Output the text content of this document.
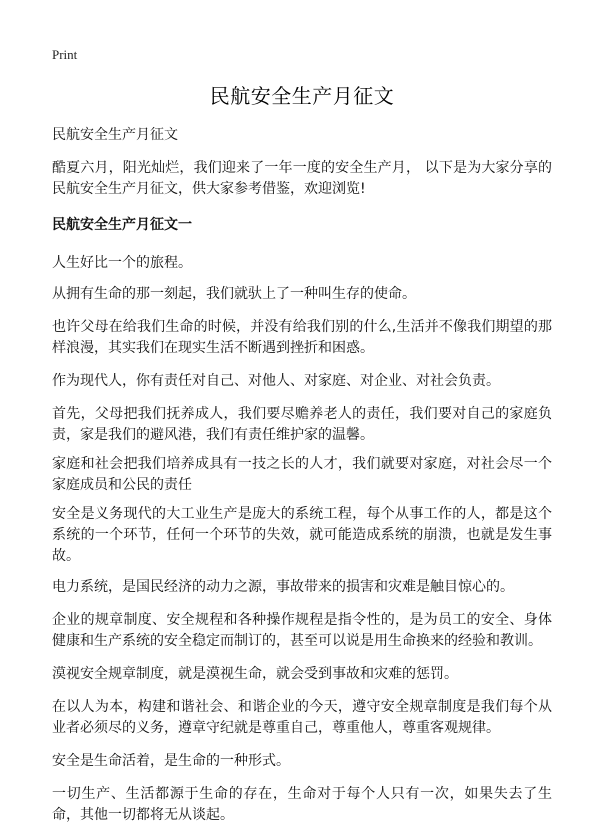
Print
民航安全生产月征文

民航安全生产月征文

酷夏六月，阳光灿烂，我们迎来了一年一度的安全生产月， 以下是为大家分享的民航安全生产月征文，供大家参考借鉴，欢迎浏览!

民航安全生产月征文一

人生好比一个的旅程。

从拥有生命的那一刻起，我们就驮上了一种叫生存的使命。

也许父母在给我们生命的时候，并没有给我们别的什么,生活并不像我们期望的那样浪漫，其实我们在现实生活不断遇到挫折和困惑。

作为现代人，你有责任对自己、对他人、对家庭、对企业、对社会负责。

首先，父母把我们抚养成人，我们要尽赡养老人的责任，我们要对自己的家庭负责，家是我们的避风港，我们有责任维护家的温馨。

家庭和社会把我们培养成具有一技之长的人才，我们就要对家庭，对社会尽一个家庭成员和公民的责任

安全是义务现代的大工业生产是庞大的系统工程，每个从事工作的人，都是这个系统的一个环节，任何一个环节的失效，就可能造成系统的崩溃，也就是发生事故。

电力系统，是国民经济的动力之源，事故带来的损害和灾难是触目惊心的。

企业的规章制度、安全规程和各种操作规程是指令性的，是为员工的安全、身体健康和生产系统的安全稳定而制订的，甚至可以说是用生命换来的经验和教训。

漠视安全规章制度，就是漠视生命，就会受到事故和灾难的惩罚。

在以人为本，构建和谐社会、和谐企业的今天，遵守安全规章制度是我们每个从业者必须尽的义务，遵章守纪就是尊重自己，尊重他人，尊重客观规律。

安全是生命活着，是生命的一种形式。

一切生产、生活都源于生命的存在，生命对于每个人只有一次，如果失去了生命，其他一切都将无从谈起。
